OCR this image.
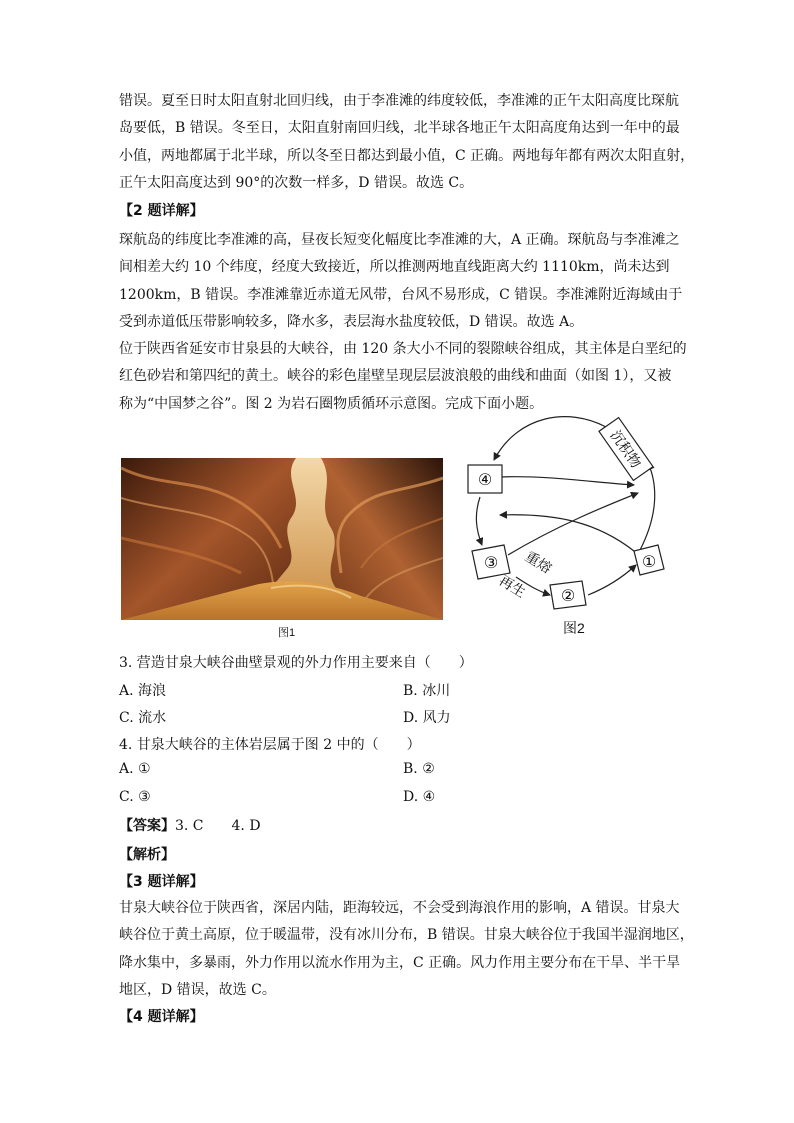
错误。夏至日时太阳直射北回归线，由于李准滩的纬度较低，李准滩的正午太阳高度比琛航
岛要低，B 错误。冬至日，太阳直射南回归线，北半球各地正午太阳高度角达到一年中的最
小值，两地都属于北半球，所以冬至日都达到最小值，C 正确。两地每年都有两次太阳直射，
正午太阳高度达到 90°的次数一样多，D 错误。故选 C。

【2 题详解】

琛航岛的纬度比李准滩的高，昼夜长短变化幅度比李准滩的大，A 正确。琛航岛与李准滩之
间相差大约 10 个纬度，经度大致接近，所以推测两地直线距离大约 1110km，尚未达到
1200km，B 错误。李准滩靠近赤道无风带，台风不易形成，C 错误。李准滩附近海域由于
受到赤道低压带影响较多，降水多，表层海水盐度较低，D 错误。故选 A。

位于陕西省延安市甘泉县的大峡谷，由 120 条大小不同的裂隙峡谷组成，其主体是白垩纪的
红色砂岩和第四纪的黄土。峡谷的彩色崖壁呈现层层波浪般的曲线和曲面（如图 1），又被
称为“中国梦之谷”。图 2 为岩石圈物质循环示意图。完成下面小题。

图1
沉积物
④
③
②
①
重熔
再生
图2
3. 营造甘泉大峡谷曲壁景观的外力作用主要来自（　　）
A. 海浪	B. 冰川
C. 流水	D. 风力
4. 甘泉大峡谷的主体岩层属于图 2 中的（　　）
A. ①	B. ②
C. ③	D. ④
【答案】3. C　　4. D
【解析】
【3 题详解】

甘泉大峡谷位于陕西省，深居内陆，距海较远，不会受到海浪作用的影响，A 错误。甘泉大
峡谷位于黄土高原，位于暖温带，没有冰川分布，B 错误。甘泉大峡谷位于我国半湿润地区，
降水集中，多暴雨，外力作用以流水作用为主，C 正确。风力作用主要分布在干旱、半干旱
地区，D 错误，故选 C。

【4 题详解】
